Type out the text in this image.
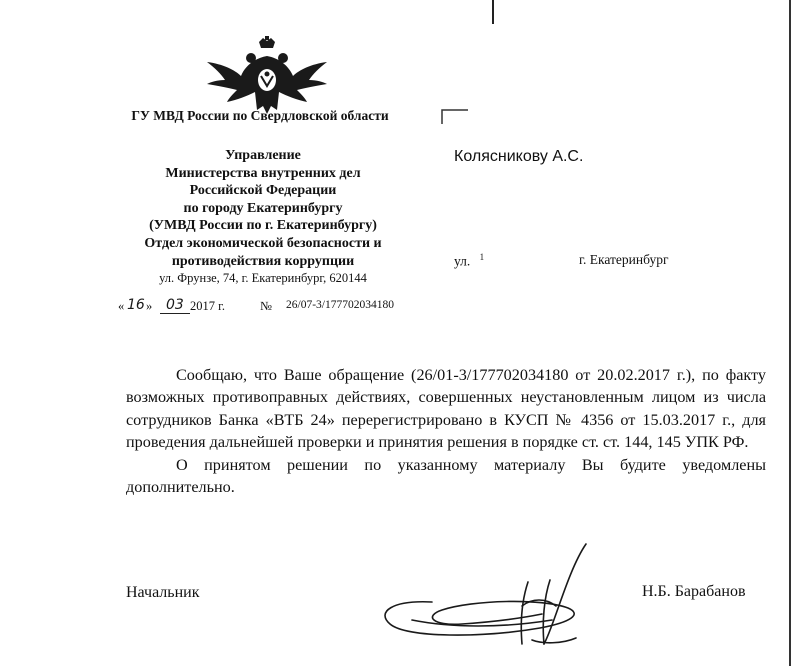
ГУ МВД России по Свердловской области
Управление
Министерства внутренних дел
Российской Федерации
по городу Екатеринбургу
(УМВД России по г. Екатеринбургу)
Отдел экономической безопасности и
противодействия коррупции
ул. Фрунзе, 74, г. Екатеринбург, 620144
« 16 » 03 2017 г.	№ 26/07-3/177702034180
Колясникову А.С.
ул. $^1$	г. Екатеринбург

Сообщаю, что Ваше обращение (26/01-3/177702034180 от 20.02.2017 г.), по факту возможных противоправных действиях, совершенных неустановленным лицом из числа сотрудников Банка «ВТБ 24» перерегистрировано в КУСП № 4356 от 15.03.2017 г., для проведения дальнейшей проверки и принятия решения в порядке ст. ст. 144, 145 УПК РФ.

О принятом решении по указанному материалу Вы будите уведомлены дополнительно.

Начальник	Н.Б. Барабанов
